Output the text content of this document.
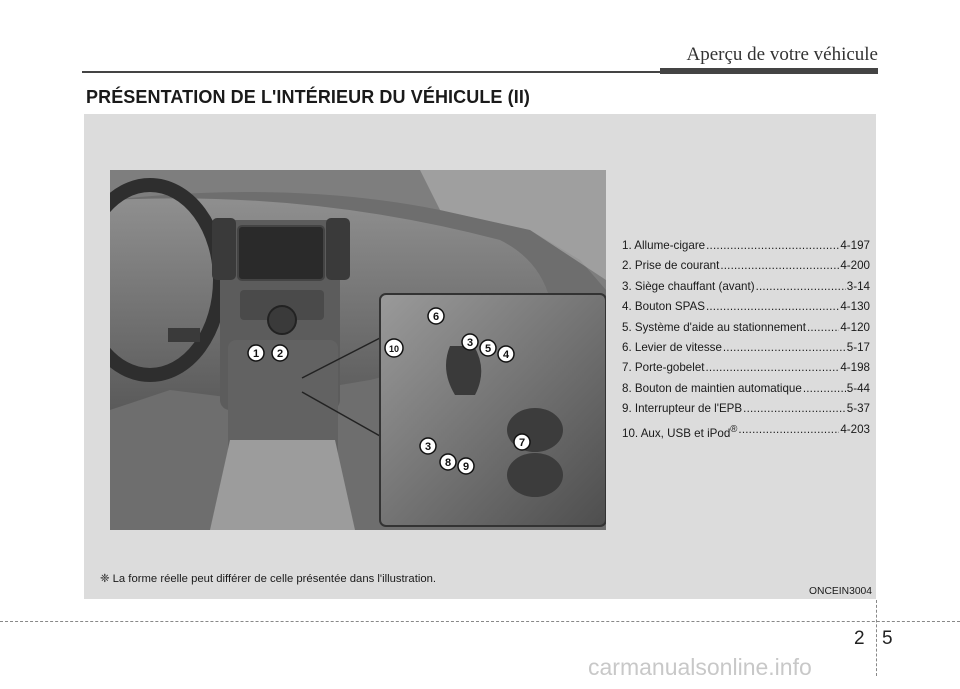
Aperçu de votre véhicule
PRÉSENTATION DE L'INTÉRIEUR DU VÉHICULE (II)
1 2
3
3
4
5
6
7
8 9
10
1. Allume-cigare .....	4-197
2. Prise de courant .....	4-200
3. Siège chauffant (avant) .....	3-14
4. Bouton SPAS .....	4-130
5. Système d'aide au stationnement .....	4-120
6. Levier de vitesse .....	5-17
7. Porte-gobelet .....	4-198
8. Bouton de maintien automatique .....	5-44
9. Interrupteur de l'EPB .....	5-37
10. Aux, USB et iPod® .....	4-203
❈ La forme réelle peut différer de celle présentée dans l'illustration.
ONCEIN3004
2 5
carmanualsonline.info
